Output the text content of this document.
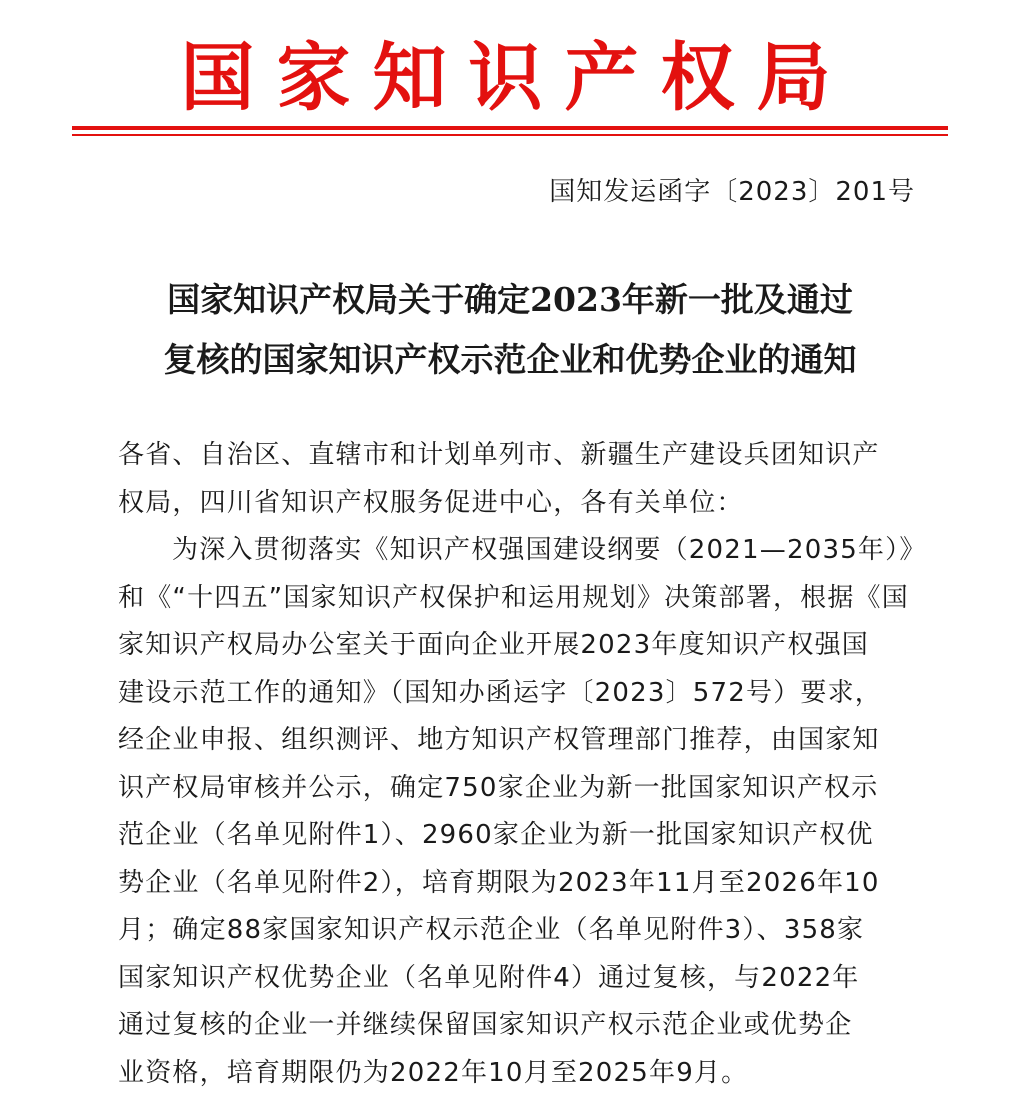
国家知识产权局
国知发运函字〔2023〕201号
国家知识产权局关于确定2023年新一批及通过
复核的国家知识产权示范企业和优势企业的通知
各省、自治区、直辖市和计划单列市、新疆生产建设兵团知识产
权局，四川省知识产权服务促进中心，各有关单位：
为深入贯彻落实《知识产权强国建设纲要（2021—2035年）》
和《“十四五”国家知识产权保护和运用规划》决策部署，根据《国
家知识产权局办公室关于面向企业开展2023年度知识产权强国
建设示范工作的通知》（国知办函运字〔2023〕572号）要求，
经企业申报、组织测评、地方知识产权管理部门推荐，由国家知
识产权局审核并公示，确定750家企业为新一批国家知识产权示
范企业（名单见附件1）、2960家企业为新一批国家知识产权优
势企业（名单见附件2），培育期限为2023年11月至2026年10
月；确定88家国家知识产权示范企业（名单见附件3）、358家
国家知识产权优势企业（名单见附件4）通过复核，与2022年
通过复核的企业一并继续保留国家知识产权示范企业或优势企
业资格，培育期限仍为2022年10月至2025年9月。
